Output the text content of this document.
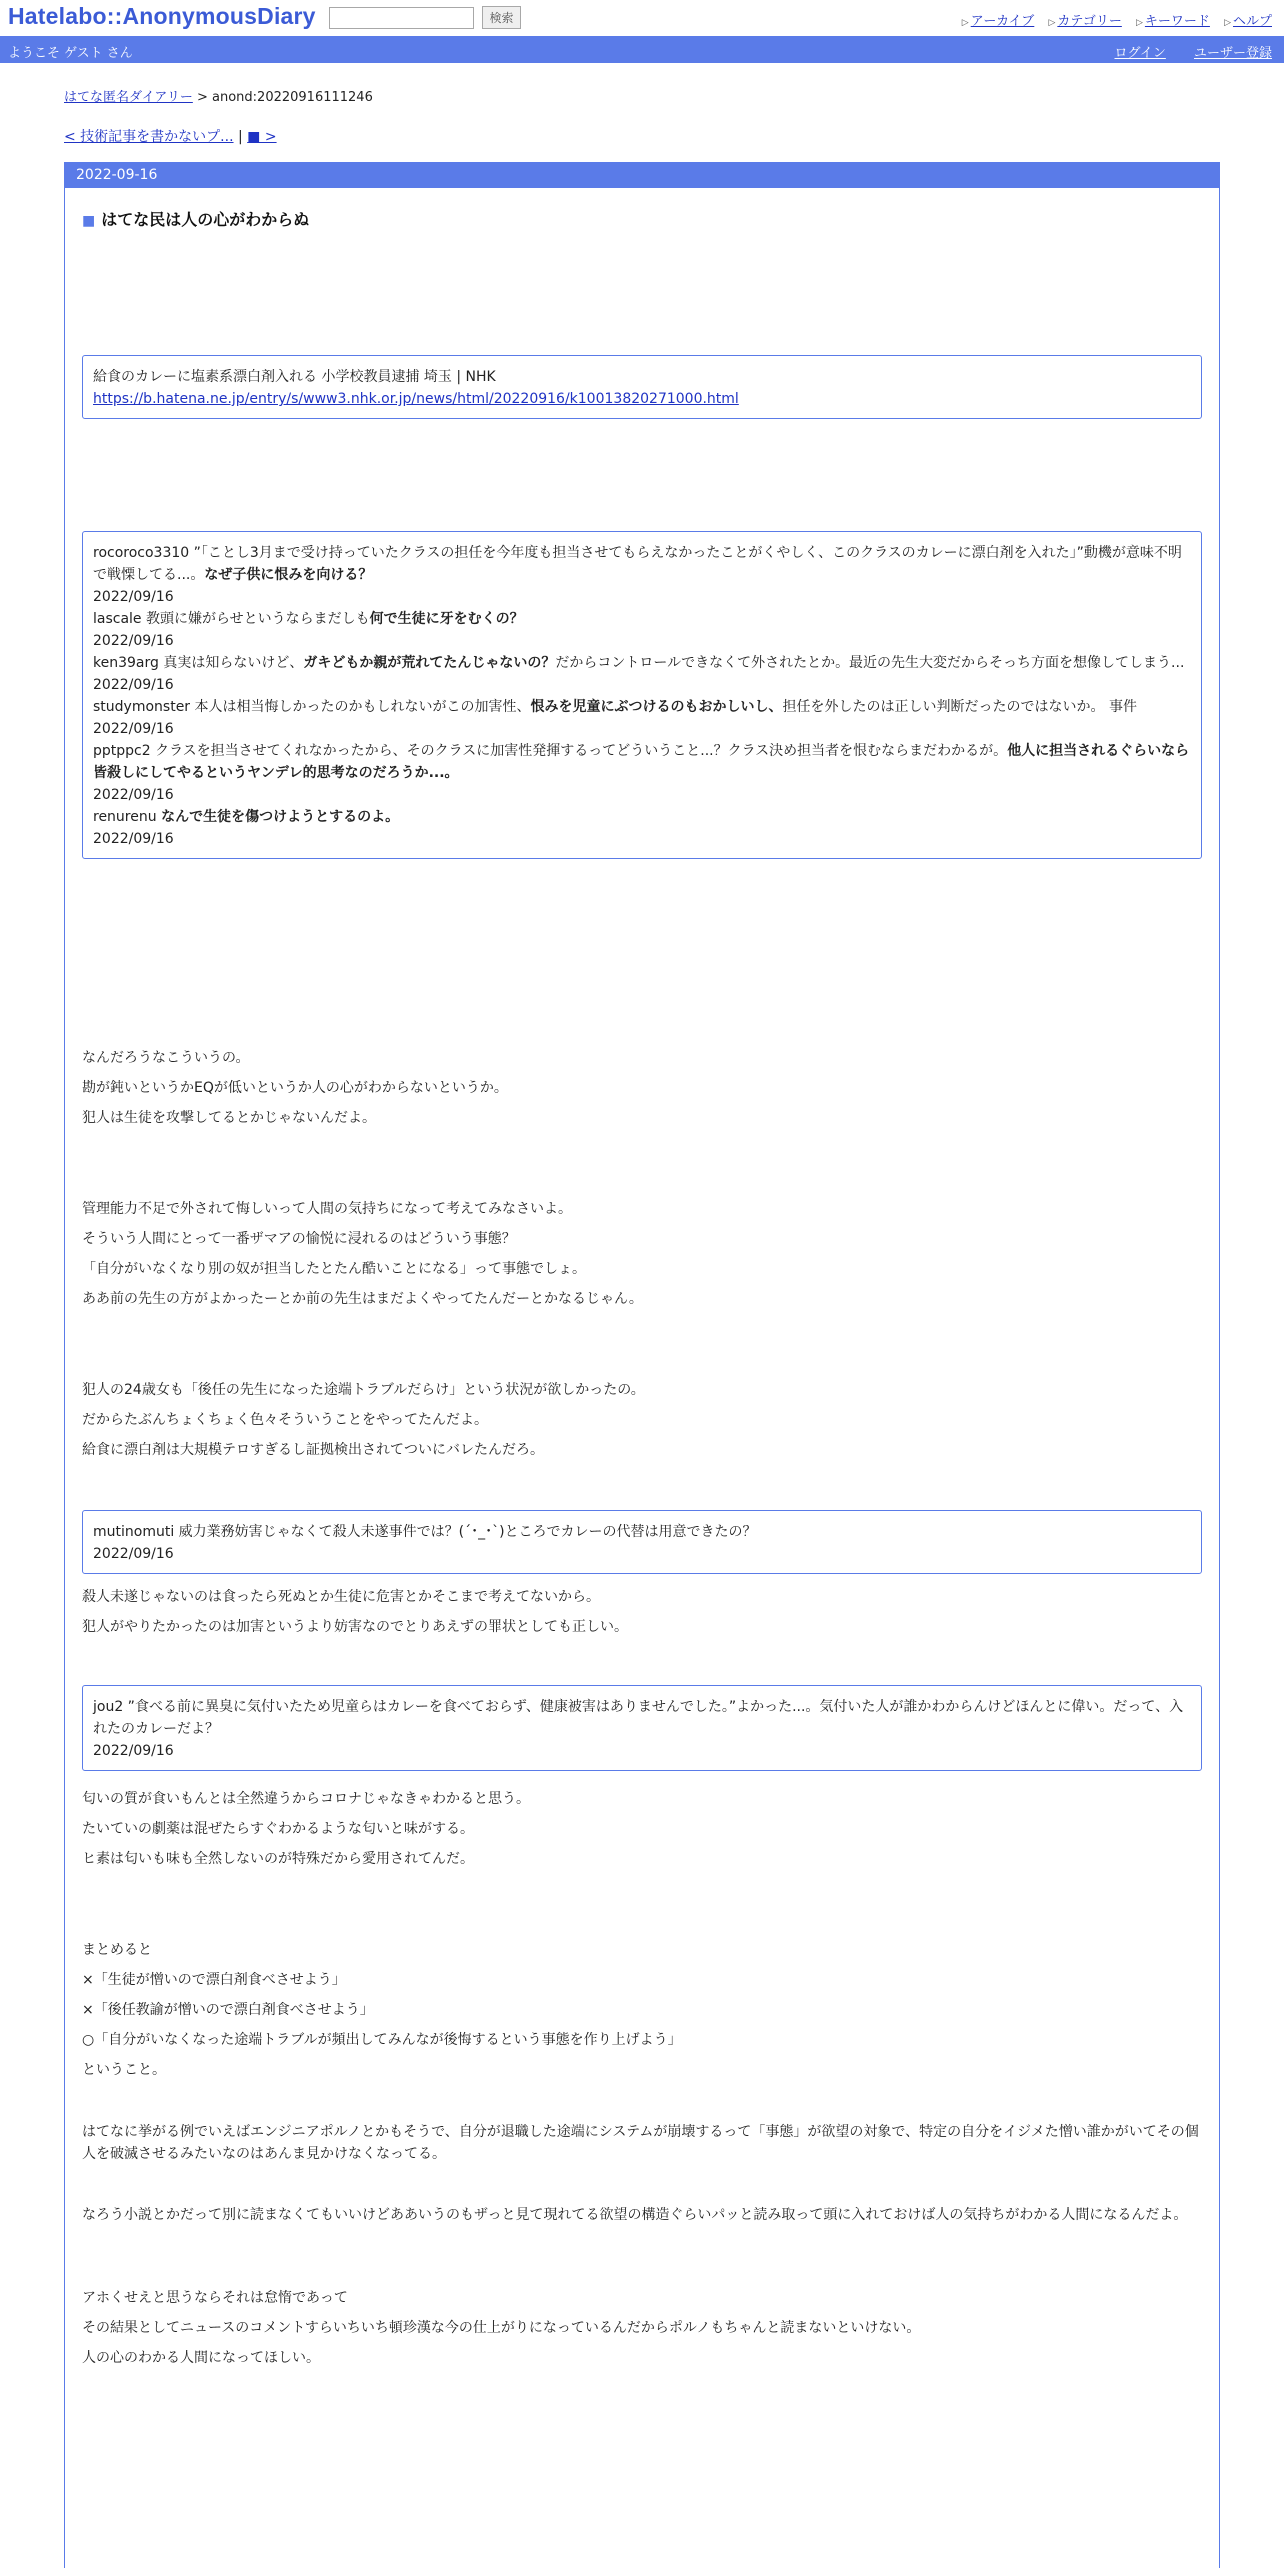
Hatelabo::AnonymousDiary	検索	▷ アーカイブ ▷ カテゴリー ▷ キーワード ▷ ヘルプ
ようこそ ゲスト さん	ログイン ユーザー登録
はてな匿名ダイアリー > anond:20220916111246
< 技術記事を書かないプ... | ■ >
2022-09-16
■ はてな民は人の心がわからぬ

給食のカレーに塩素系漂白剤入れる 小学校教員逮捕 埼玉 | NHK

https://b.hatena.ne.jp/entry/s/www3.nhk.or.jp/news/html/20220916/k10013820271000.html

rocoroco3310 ”「ことし3月まで受け持っていたクラスの担任を今年度も担当させてもらえなかったことがくやしく、このクラスのカレーに漂白剤を入れた」”動機が意味不明で戦慄してる...。なぜ子供に恨みを向ける？
2022/09/16

lascale 教頭に嫌がらせというならまだしも何で生徒に牙をむくの？
2022/09/16

ken39arg 真実は知らないけど、ガキどもか親が荒れてたんじゃないの？だからコントロールできなくて外されたとか。最近の先生大変だからそっち方面を想像してしまう...
2022/09/16

studymonster 本人は相当悔しかったのかもしれないがこの加害性、恨みを児童にぶつけるのもおかしいし、担任を外したのは正しい判断だったのではないか。 事件
2022/09/16

pptppc2 クラスを担当させてくれなかったから、そのクラスに加害性発揮するってどういうこと...？クラス決め担当者を恨むならまだわかるが。他人に担当されるぐらいなら皆殺しにしてやるというヤンデレ的思考なのだろうか...。
2022/09/16

renurenu なんで生徒を傷つけようとするのよ。
2022/09/16

なんだろうなこういうの。

勘が鈍いというかEQが低いというか人の心がわからないというか。

犯人は生徒を攻撃してるとかじゃないんだよ。

管理能力不足で外されて悔しいって人間の気持ちになって考えてみなさいよ。

そういう人間にとって一番ザマアの愉悦に浸れるのはどういう事態？

「自分がいなくなり別の奴が担当したとたん酷いことになる」って事態でしょ。

ああ前の先生の方がよかったーとか前の先生はまだよくやってたんだーとかなるじゃん。

犯人の24歳女も「後任の先生になった途端トラブルだらけ」という状況が欲しかったの。

だからたぶんちょくちょく色々そういうことをやってたんだよ。

給食に漂白剤は大規模テロすぎるし証拠検出されてついにバレたんだろ。

mutinomuti 威力業務妨害じゃなくて殺人未遂事件では？(´･_･`)ところでカレーの代替は用意できたの？

2022/09/16

殺人未遂じゃないのは食ったら死ぬとか生徒に危害とかそこまで考えてないから。

犯人がやりたかったのは加害というより妨害なのでとりあえずの罪状としても正しい。

jou2 ”食べる前に異臭に気付いたため児童らはカレーを食べておらず、健康被害はありませんでした。”よかった...。気付いた人が誰かわからんけどほんとに偉い。だって、入れたのカレーだよ？

2022/09/16

匂いの質が食いもんとは全然違うからコロナじゃなきゃわかると思う。

たいていの劇薬は混ぜたらすぐわかるような匂いと味がする。

ヒ素は匂いも味も全然しないのが特殊だから愛用されてんだ。

まとめると

×「生徒が憎いので漂白剤食べさせよう」

×「後任教諭が憎いので漂白剤食べさせよう」

○「自分がいなくなった途端トラブルが頻出してみんなが後悔するという事態を作り上げよう」

ということ。

はてなに挙がる例でいえばエンジニアポルノとかもそうで、自分が退職した途端にシステムが崩壊するって「事態」が欲望の対象で、特定の自分をイジメた憎い誰かがいてその個人を破滅させるみたいなのはあんま見かけなくなってる。

なろう小説とかだって別に読まなくてもいいけどああいうのもザっと見て現れてる欲望の構造ぐらいパッと読み取って頭に入れておけば人の気持ちがわかる人間になるんだよ。

アホくせえと思うならそれは怠惰であって

その結果としてニュースのコメントすらいちいち頓珍漢な今の仕上がりになっているんだからポルノもちゃんと読まないといけない。

人の心のわかる人間になってほしい。
